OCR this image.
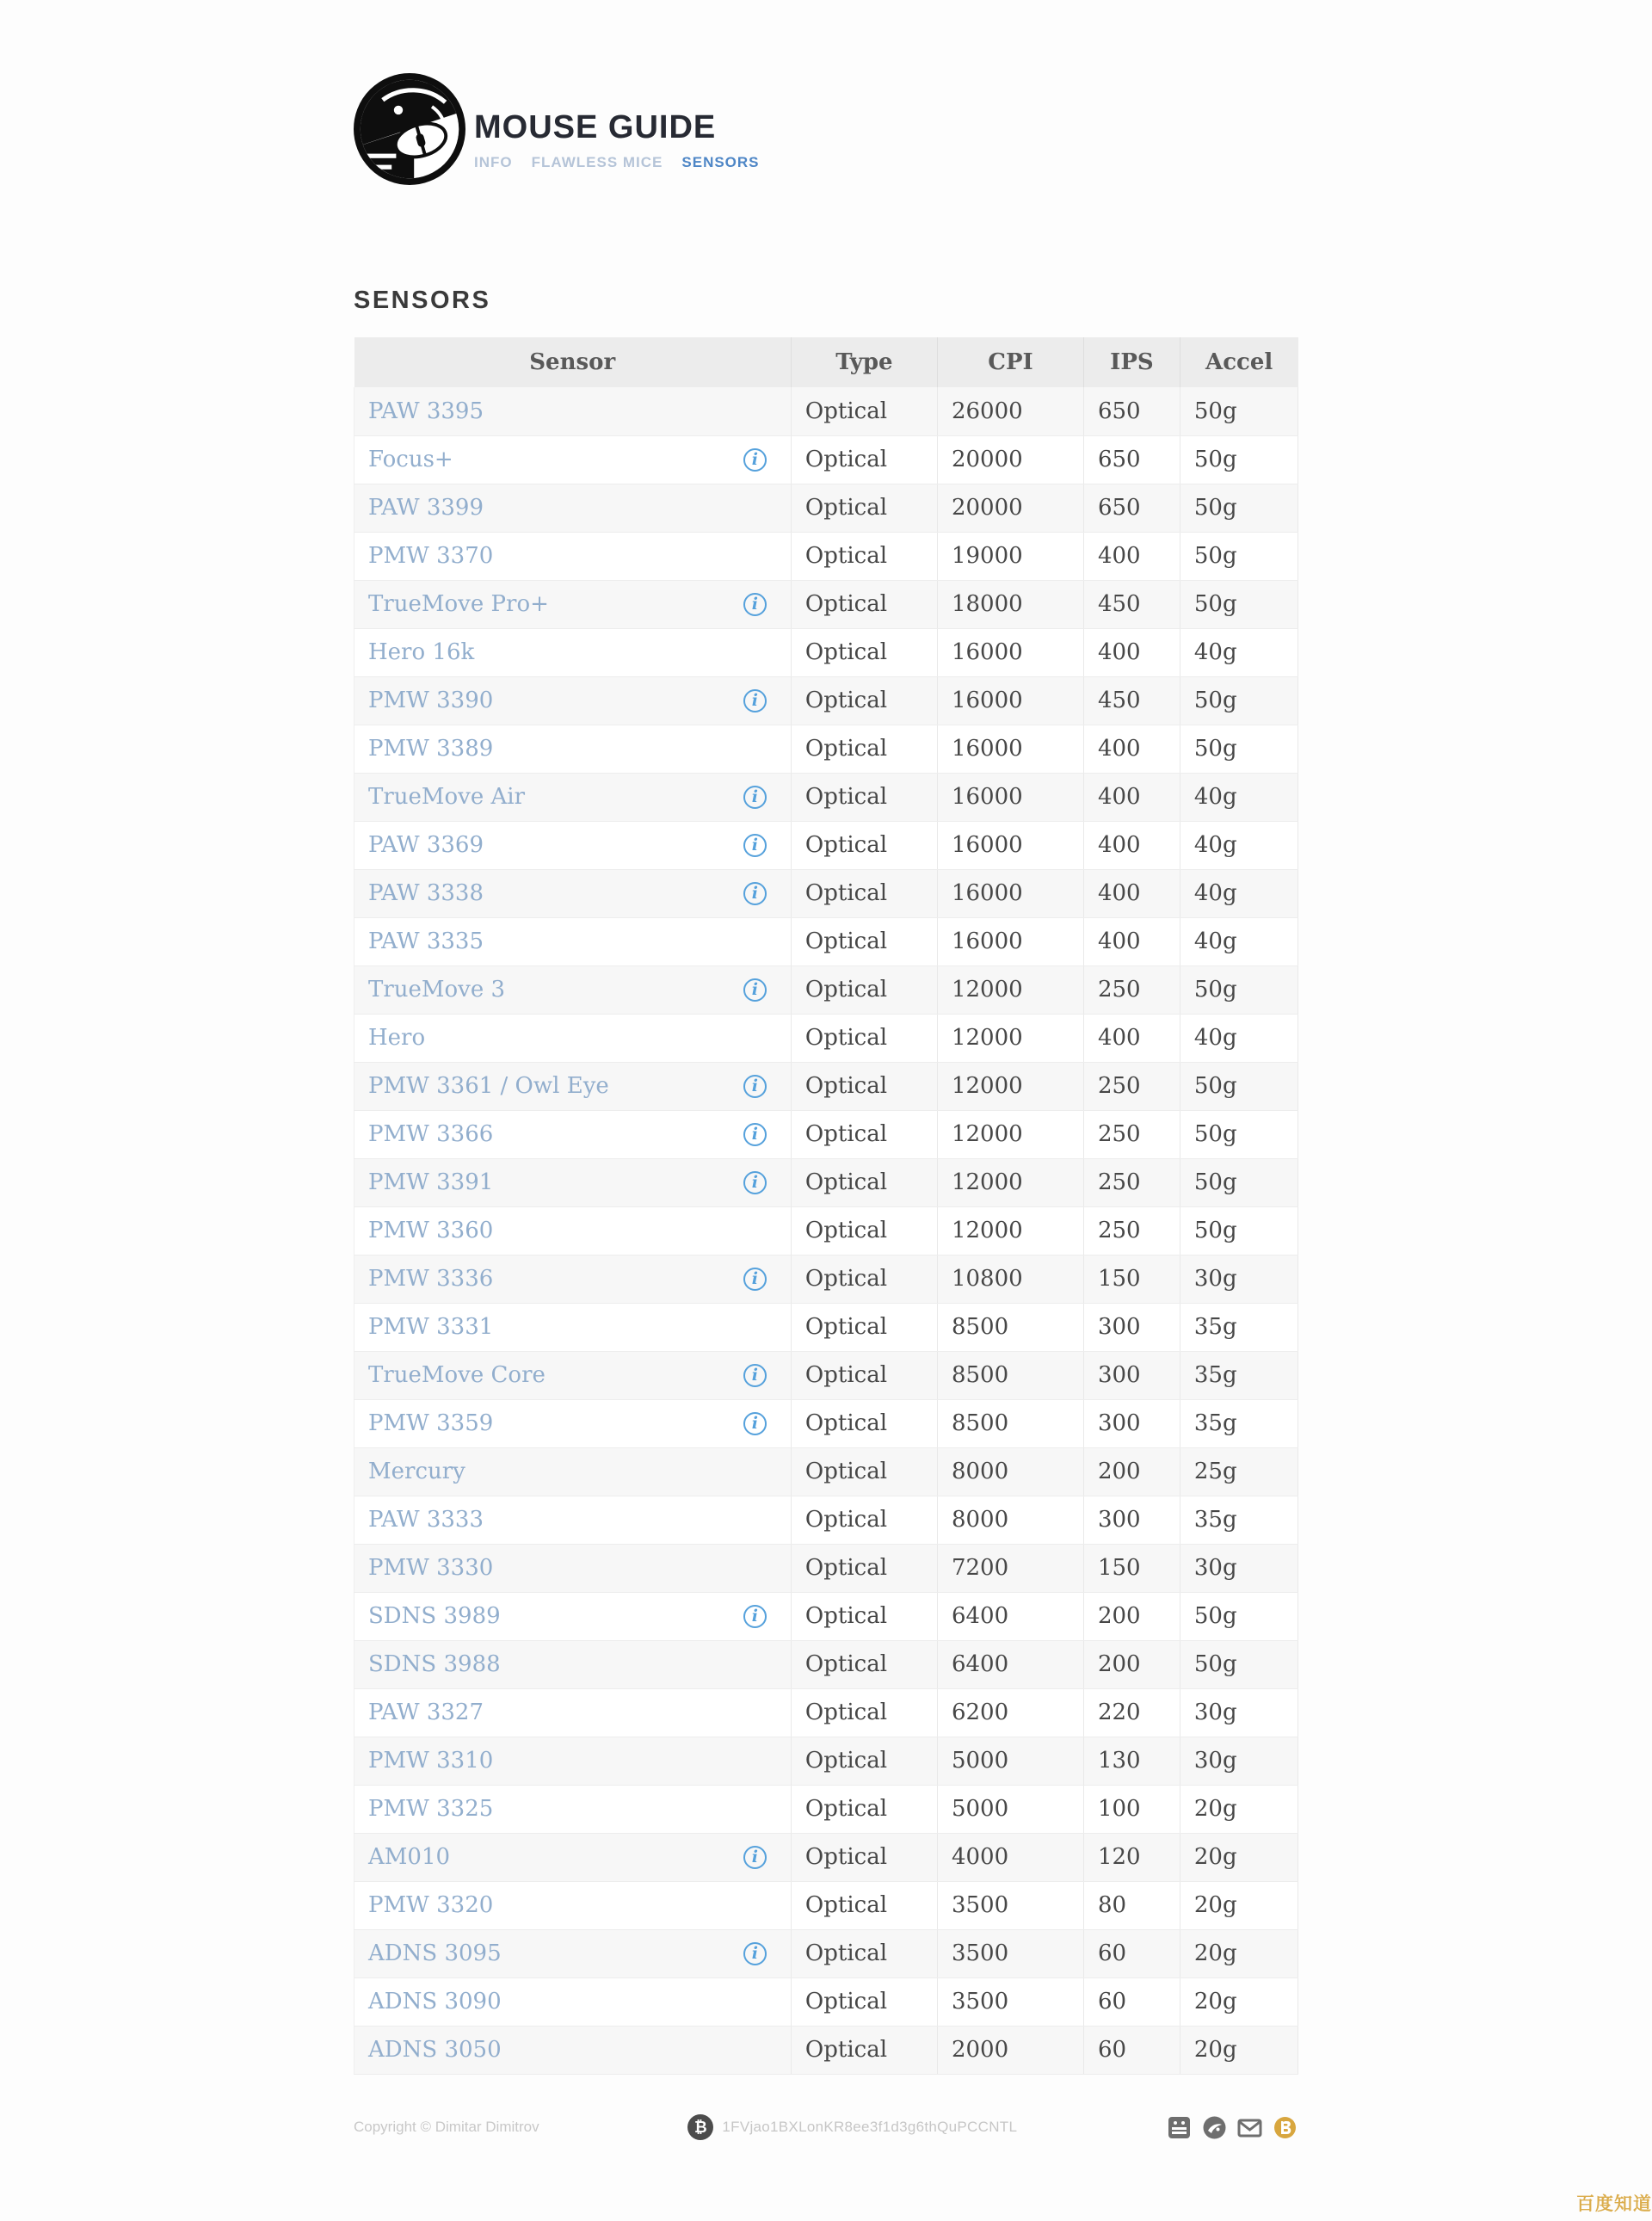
MOUSE GUIDE
INFO FLAWLESS MICE SENSORS
SENSORS
Sensor	Type	CPI	IPS	Accel

PAW 3395	Optical	26000	650	50g

Focus+ i	Optical	20000	650	50g

PAW 3399	Optical	20000	650	50g

PMW 3370	Optical	19000	400	50g

TrueMove Pro+ i	Optical	18000	450	50g

Hero 16k	Optical	16000	400	40g

PMW 3390 i	Optical	16000	450	50g

PMW 3389	Optical	16000	400	50g

TrueMove Air i	Optical	16000	400	40g

PAW 3369 i	Optical	16000	400	40g

PAW 3338 i	Optical	16000	400	40g

PAW 3335	Optical	16000	400	40g

TrueMove 3 i	Optical	12000	250	50g

Hero	Optical	12000	400	40g

PMW 3361 / Owl Eye i	Optical	12000	250	50g

PMW 3366 i	Optical	12000	250	50g

PMW 3391 i	Optical	12000	250	50g

PMW 3360	Optical	12000	250	50g

PMW 3336 i	Optical	10800	150	30g

PMW 3331	Optical	8500	300	35g

TrueMove Core i	Optical	8500	300	35g

PMW 3359 i	Optical	8500	300	35g

Mercury	Optical	8000	200	25g

PAW 3333	Optical	8000	300	35g

PMW 3330	Optical	7200	150	30g

SDNS 3989 i	Optical	6400	200	50g

SDNS 3988	Optical	6400	200	50g

PAW 3327	Optical	6200	220	30g

PMW 3310	Optical	5000	130	30g

PMW 3325	Optical	5000	100	20g

AM010 i	Optical	4000	120	20g

PMW 3320	Optical	3500	80	20g

ADNS 3095 i	Optical	3500	60	20g

ADNS 3090	Optical	3500	60	20g

ADNS 3050	Optical	2000	60	20g
Copyright © Dimitar Dimitrov	₿	1FVjao1BXLonKR8ee3f1d3g6thQuPCCNTL
百度知道
